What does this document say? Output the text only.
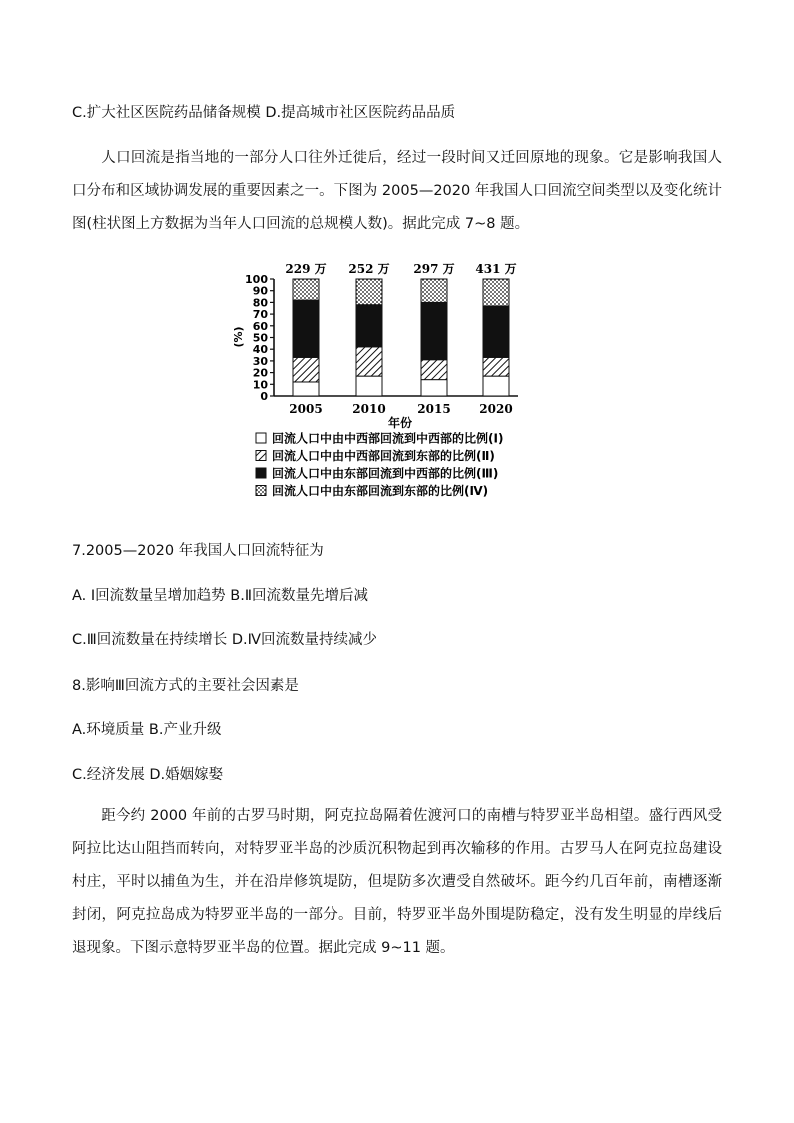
C.扩大社区医院药品储备规模 D.提高城市社区医院药品品质
人口回流是指当地的一部分人口往外迁徙后，经过一段时间又迁回原地的现象。它是影响我国人口分布和区域协调发展的重要因素之一。下图为 2005—2020 年我国人口回流空间类型以及变化统计图(柱状图上方数据为当年人口回流的总规模人数)。据此完成 7~8 题。
0
10
20
30
40
50
60
70
80
90
100
(%)
229 万
2005
252 万
2010
297 万
2015
431 万
2020
年份
回流人口中由中西部回流到中西部的比例(Ⅰ)
回流人口中由中西部回流到东部的比例(Ⅱ)
回流人口中由东部回流到中西部的比例(Ⅲ)
回流人口中由东部回流到东部的比例(Ⅳ)
7.2005—2020 年我国人口回流特征为
A. Ⅰ回流数量呈增加趋势 B.Ⅱ回流数量先增后减
C.Ⅲ回流数量在持续增长 D.Ⅳ回流数量持续减少
8.影响Ⅲ回流方式的主要社会因素是
A.环境质量 B.产业升级
C.经济发展 D.婚姻嫁娶
距今约 2000 年前的古罗马时期，阿克拉岛隔着佐渡河口的南槽与特罗亚半岛相望。盛行西风受阿拉比达山阻挡而转向，对特罗亚半岛的沙质沉积物起到再次输移的作用。古罗马人在阿克拉岛建设村庄，平时以捕鱼为生，并在沿岸修筑堤防，但堤防多次遭受自然破坏。距今约几百年前，南槽逐渐封闭，阿克拉岛成为特罗亚半岛的一部分。目前，特罗亚半岛外围堤防稳定，没有发生明显的岸线后退现象。下图示意特罗亚半岛的位置。据此完成 9~11 题。
